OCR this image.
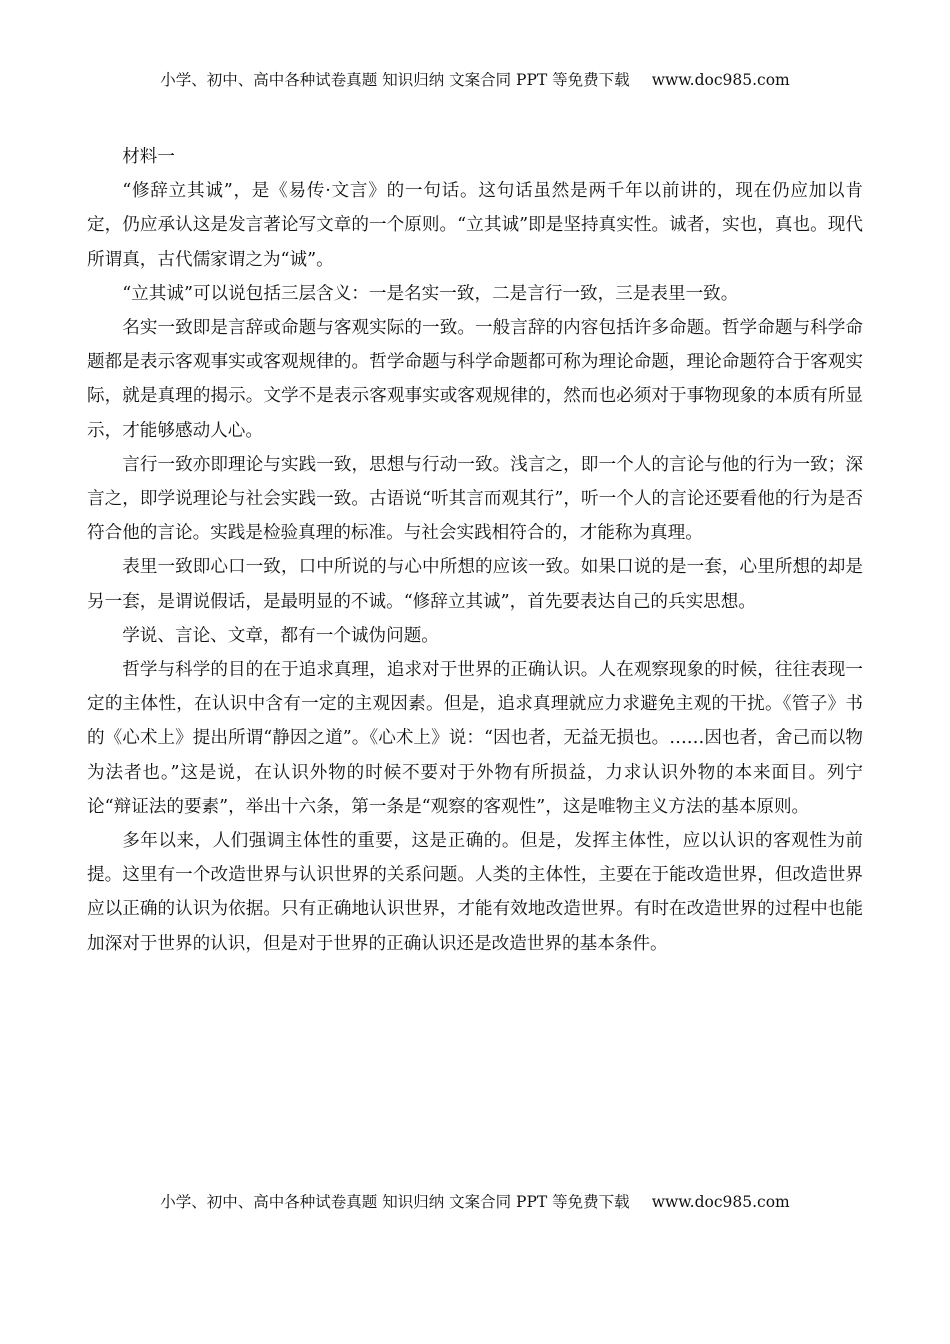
小学、初中、高中各种试卷真题 知识归纳 文案合同 PPT 等免费下载 www.doc985.com

材料一

“修辞立其诚”，是《易传·文言》的一句话。这句话虽然是两千年以前讲的，现在仍应加以肯定，仍应承认这是发言著论写文章的一个原则。“立其诚”即是坚持真实性。诚者，实也，真也。现代所谓真，古代儒家谓之为“诚”。

“立其诚”可以说包括三层含义：一是名实一致，二是言行一致，三是表里一致。

名实一致即是言辞或命题与客观实际的一致。一般言辞的内容包括许多命题。哲学命题与科学命题都是表示客观事实或客观规律的。哲学命题与科学命题都可称为理论命题，理论命题符合于客观实际，就是真理的揭示。文学不是表示客观事实或客观规律的，然而也必须对于事物现象的本质有所显示，才能够感动人心。

言行一致亦即理论与实践一致，思想与行动一致。浅言之，即一个人的言论与他的行为一致；深言之，即学说理论与社会实践一致。古语说“听其言而观其行”，听一个人的言论还要看他的行为是否符合他的言论。实践是检验真理的标准。与社会实践相符合的，才能称为真理。

表里一致即心口一致，口中所说的与心中所想的应该一致。如果口说的是一套，心里所想的却是另一套，是谓说假话，是最明显的不诚。“修辞立其诚”，首先要表达自己的兵实思想。

学说、言论、文章，都有一个诚伪问题。

哲学与科学的目的在于追求真理，追求对于世界的正确认识。人在观察现象的时候，往往表现一定的主体性，在认识中含有一定的主观因素。但是，追求真理就应力求避免主观的干扰。《管子》书的《心术上》提出所谓“静因之道”。《心术上》说：“因也者，无益无损也。……因也者，舍己而以物为法者也。”这是说，在认识外物的时候不要对于外物有所损益，力求认识外物的本来面目。列宁论“辩证法的要素”，举出十六条，第一条是“观察的客观性”，这是唯物主义方法的基本原则。

多年以来，人们强调主体性的重要，这是正确的。但是，发挥主体性，应以认识的客观性为前提。这里有一个改造世界与认识世界的关系问题。人类的主体性，主要在于能改造世界，但改造世界应以正确的认识为依据。只有正确地认识世界，才能有效地改造世界。有时在改造世界的过程中也能加深对于世界的认识，但是对于世界的正确认识还是改造世界的基本条件。

小学、初中、高中各种试卷真题 知识归纳 文案合同 PPT 等免费下载 www.doc985.com
